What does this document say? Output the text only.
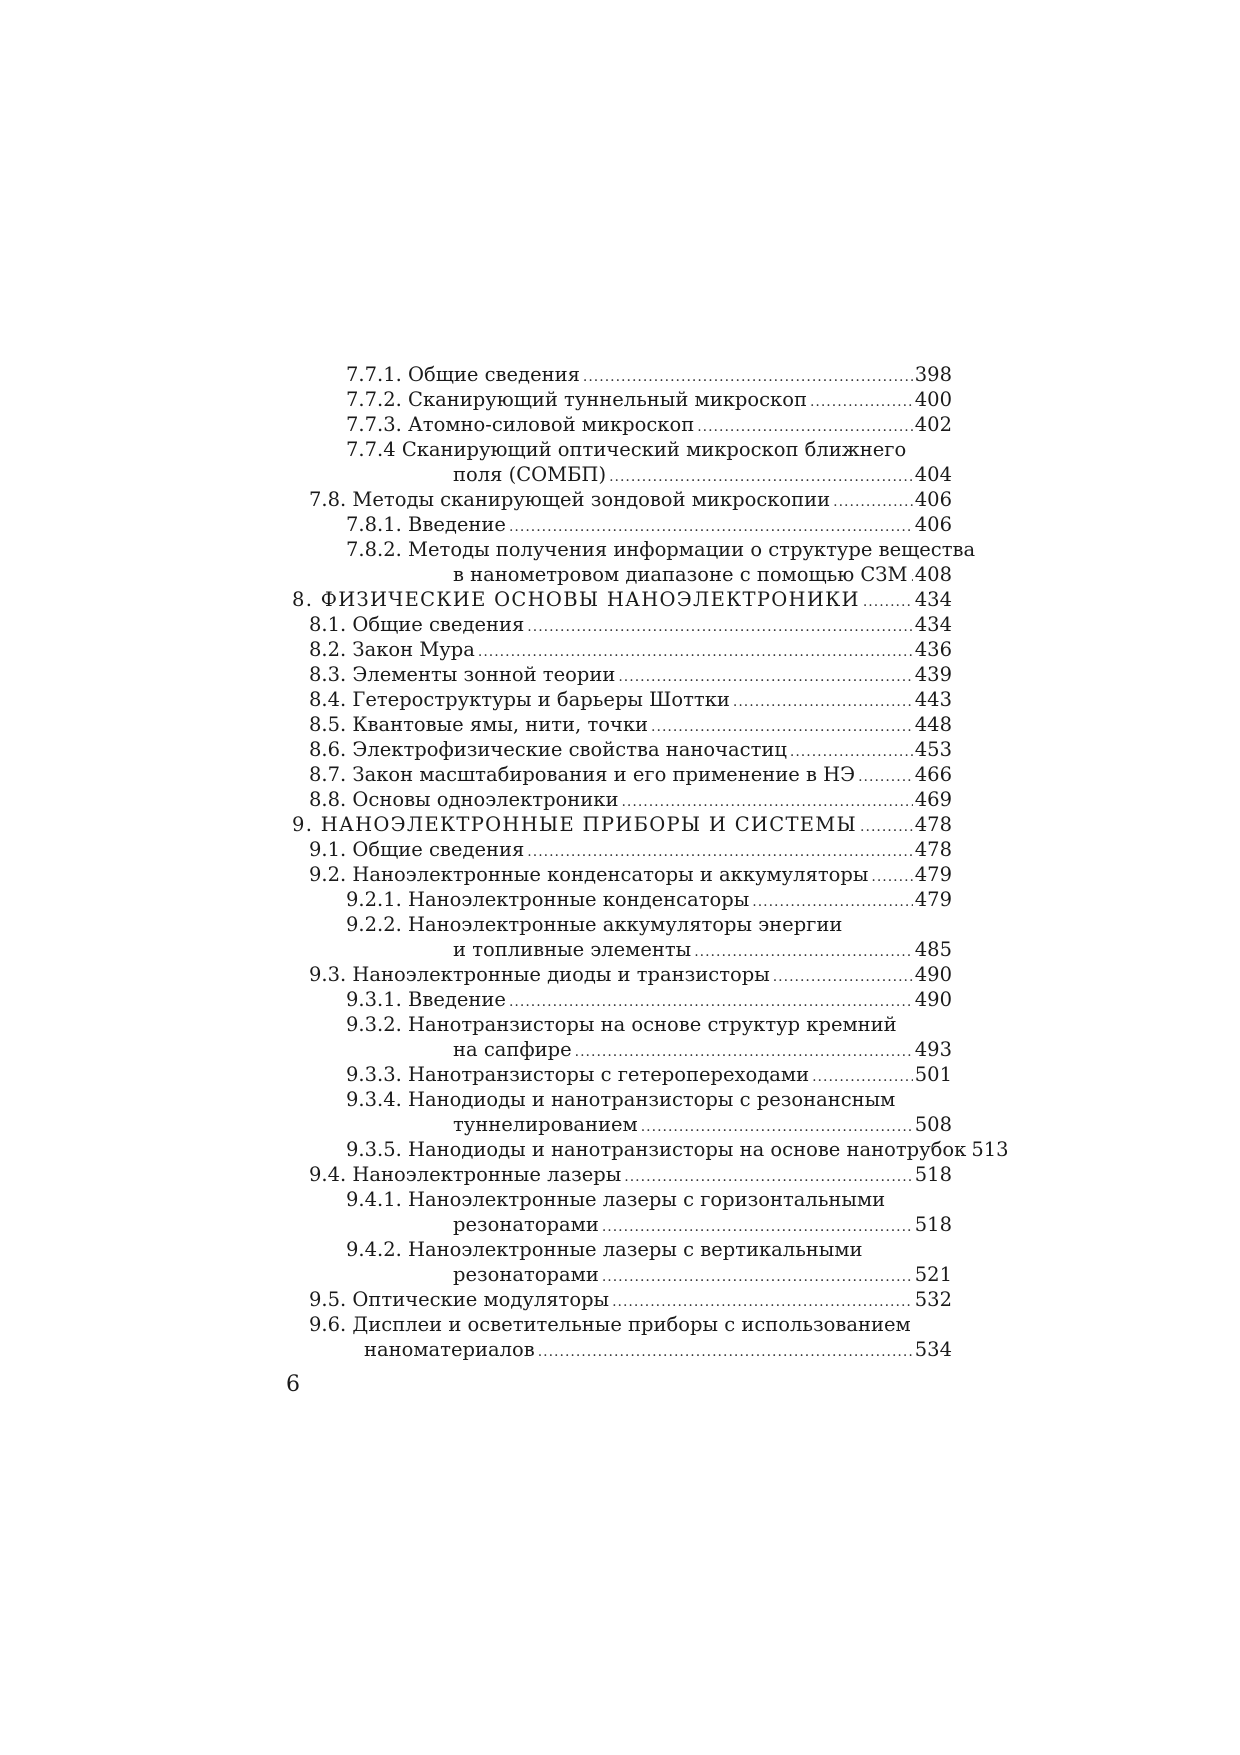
7.7.1. Общие сведения .....	398
7.7.2. Сканирующий туннельный микроскоп .....	400
7.7.3. Атомно-силовой микроскоп .....	402
7.7.4 Сканирующий оптический микроскоп ближнего
поля (СОМБП) .....	404
7.8. Методы сканирующей зондовой микроскопии .....	406
7.8.1. Введение .....	406
7.8.2. Методы получения информации о структуре вещества
в нанометровом диапазоне с помощью СЗМ ..... 408
8. ФИЗИЧЕСКИЕ ОСНОВЫ НАНОЭЛЕКТРОНИКИ .....	434
8.1. Общие сведения .....	434
8.2. Закон Мура .....	436
8.3. Элементы зонной теории .....	439
8.4. Гетероструктуры и барьеры Шоттки .....	443
8.5. Квантовые ямы, нити, точки .....	448
8.6. Электрофизические свойства наночастиц .....	453
8.7. Закон масштабирования и его применение в НЭ .....	466
8.8. Основы одноэлектроники .....	469
9. НАНОЭЛЕКТРОННЫЕ ПРИБОРЫ И СИСТЕМЫ .....	478
9.1. Общие сведения .....	478
9.2. Наноэлектронные конденсаторы и аккумуляторы ..... 479
9.2.1. Наноэлектронные конденсаторы .....	479
9.2.2. Наноэлектронные аккумуляторы энергии
и топливные элементы .....	485
9.3. Наноэлектронные диоды и транзисторы .....	490
9.3.1. Введение .....	490
9.3.2. Нанотранзисторы на основе структур кремний
на сапфире .....	493
9.3.3. Нанотранзисторы с гетеропереходами .....	501
9.3.4. Нанодиоды и нанотранзисторы с резонансным
туннелированием .....	508
9.3.5. Нанодиоды и нанотранзисторы на основе нанотрубок 513
9.4. Наноэлектронные лазеры .....	518
9.4.1. Наноэлектронные лазеры с горизонтальными
резонаторами .....	518
9.4.2. Наноэлектронные лазеры с вертикальными
резонаторами .....	521
9.5. Оптические модуляторы .....	532
9.6. Дисплеи и осветительные приборы с использованием
наноматериалов .....	534
6
